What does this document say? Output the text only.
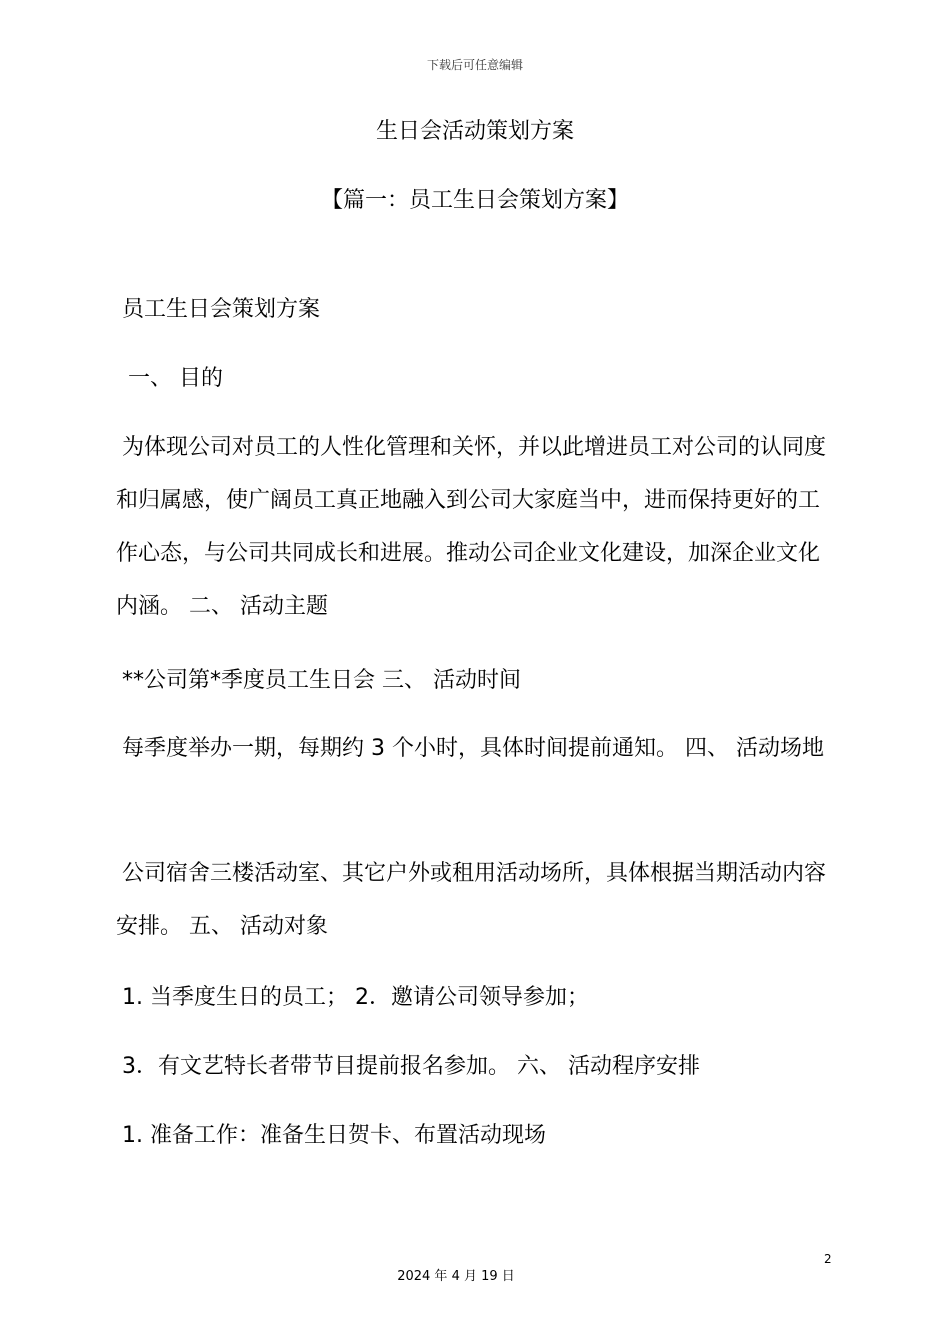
下载后可任意编辑
生日会活动策划方案
【篇一：员工生日会策划方案】

员工生日会策划方案

一、 目的

为体现公司对员工的人性化管理和关怀，并以此增进员工对公司的认同度和归属感，使广阔员工真正地融入到公司大家庭当中，进而保持更好的工作心态，与公司共同成长和进展。推动公司企业文化建设，加深企业文化内涵。 二、 活动主题

**公司第*季度员工生日会 三、 活动时间

每季度举办一期，每期约 3 个小时，具体时间提前通知。 四、 活动场地

公司宿舍三楼活动室、其它户外或租用活动场所，具体根据当期活动内容安排。 五、 活动对象

1. 当季度生日的员工； 2．邀请公司领导参加；

3．有文艺特长者带节目提前报名参加。 六、 活动程序安排

1. 准备工作：准备生日贺卡、布置活动现场

2
2024 年 4 月 19 日
